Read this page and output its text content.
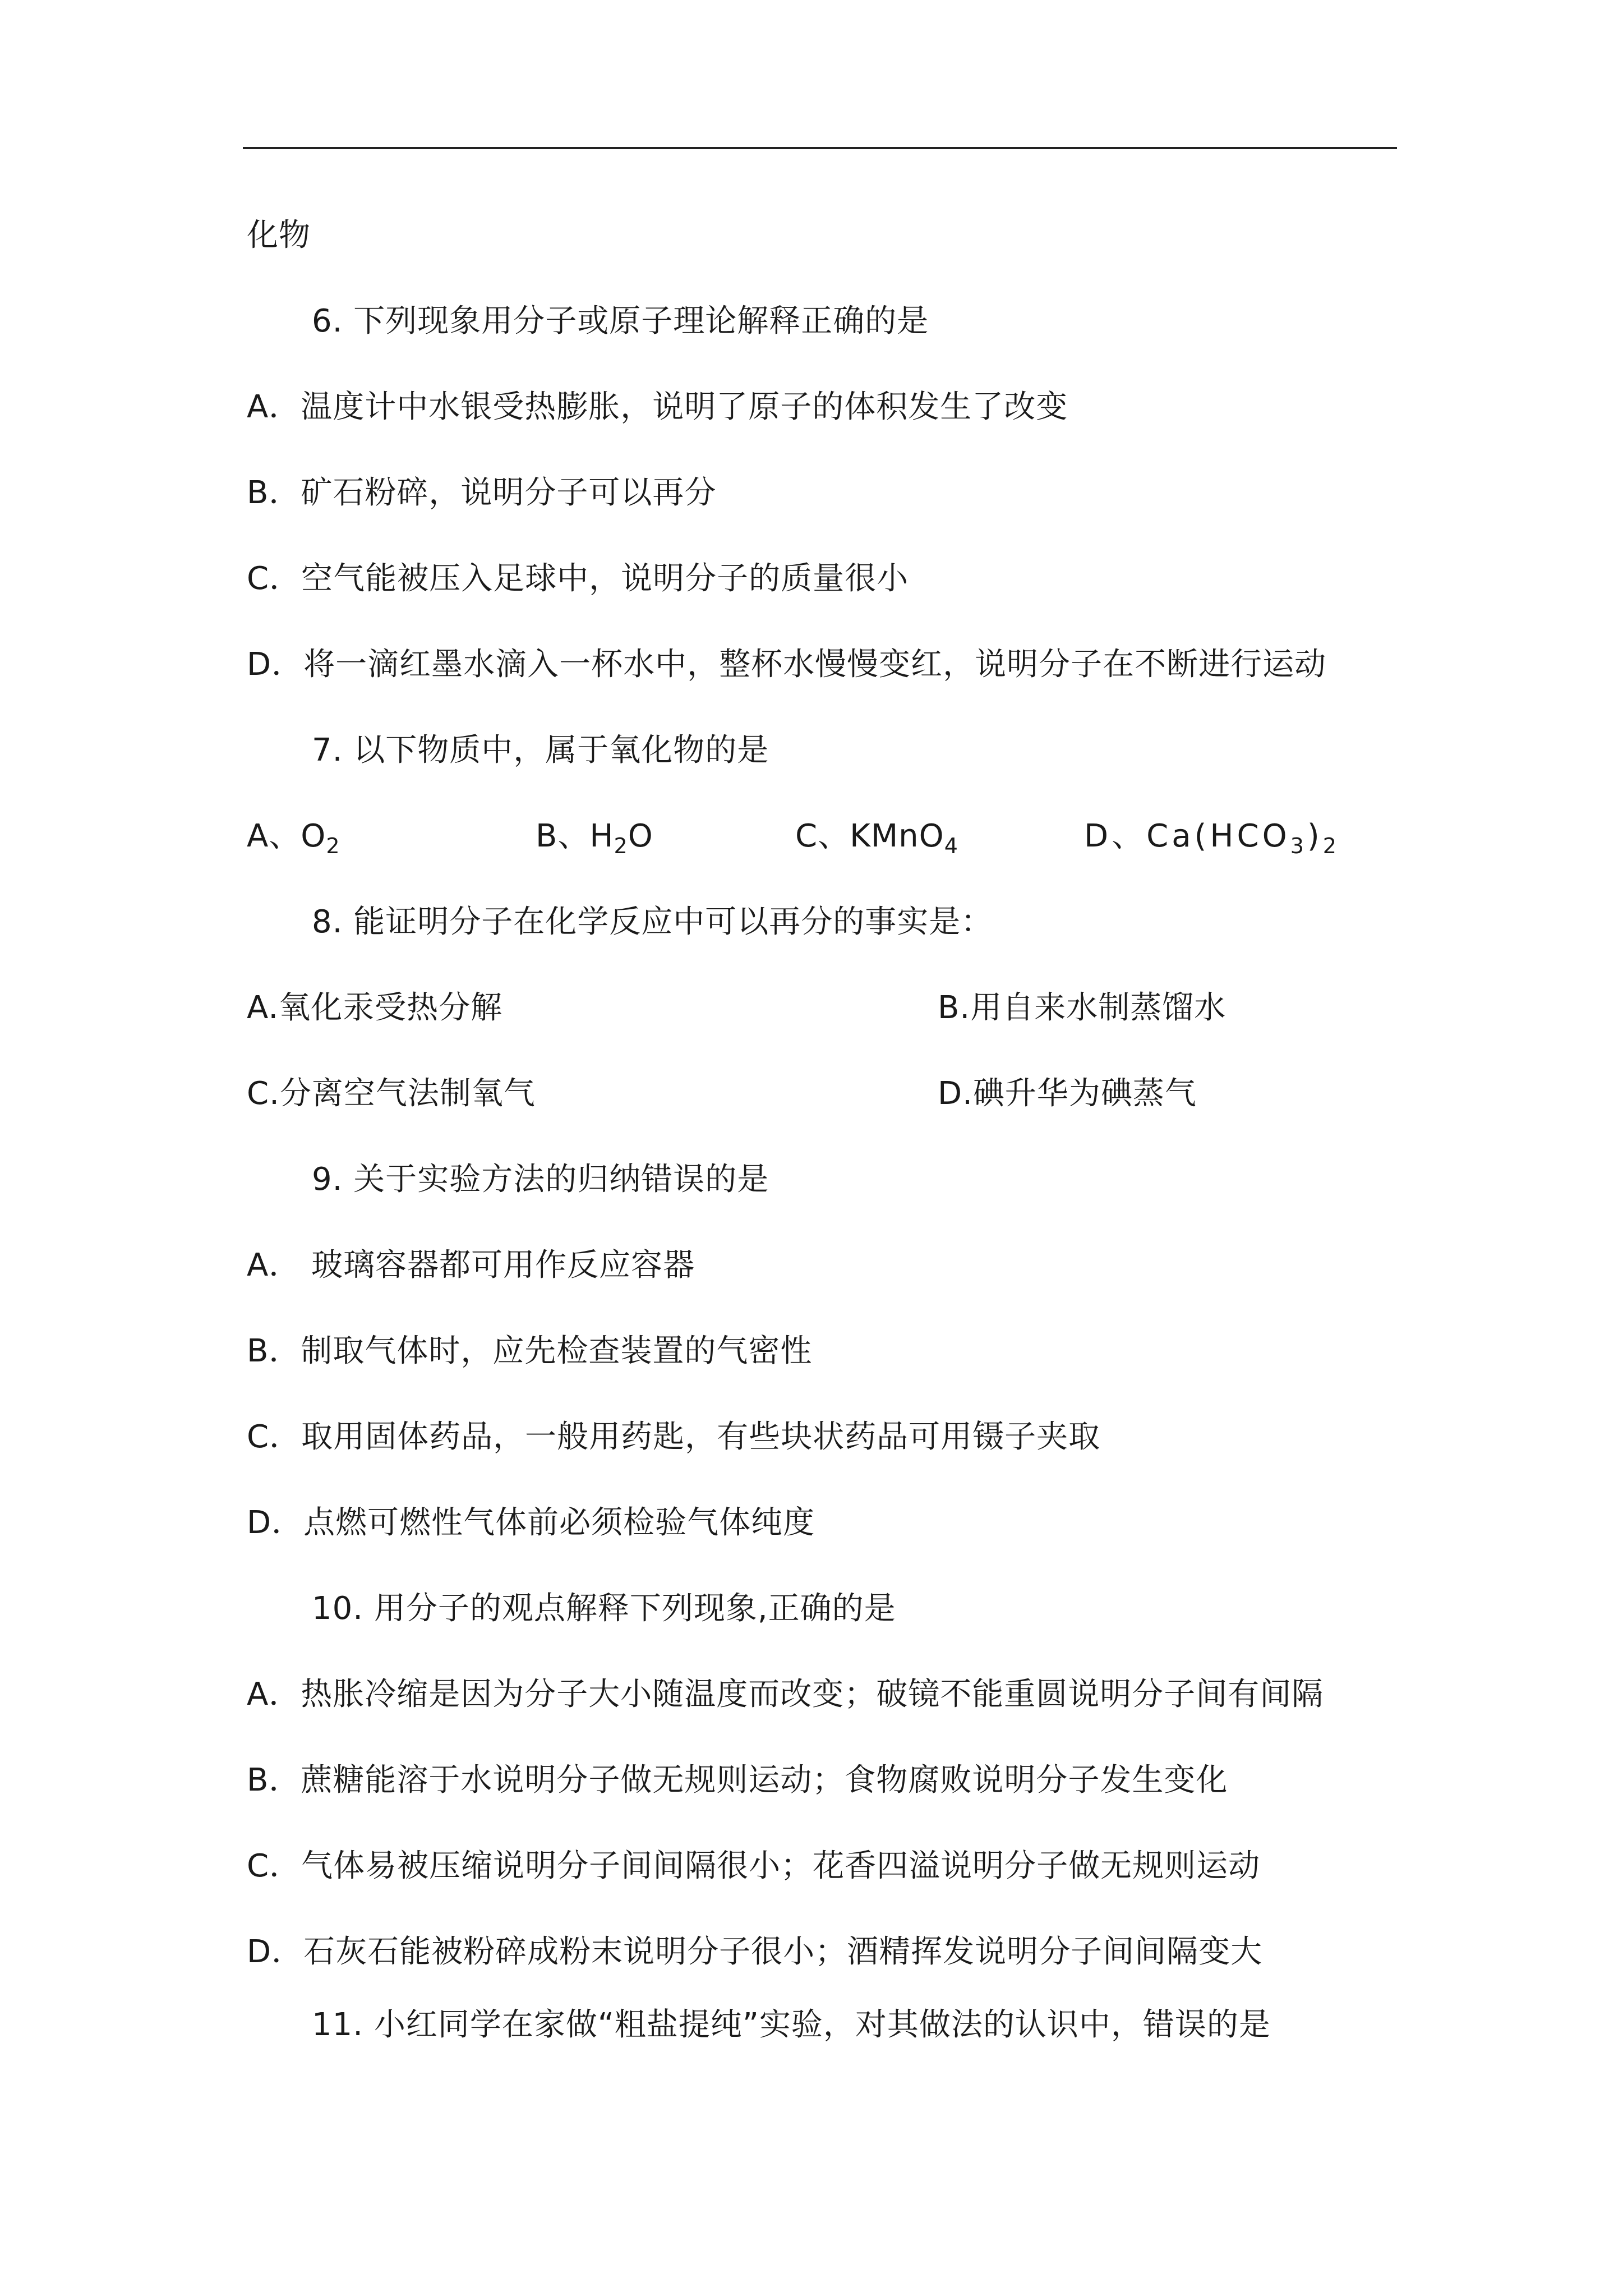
化物
6. 下列现象用分子或原子理论解释正确的是
A．温度计中水银受热膨胀，说明了原子的体积发生了改变
B．矿石粉碎，说明分子可以再分
C．空气能被压入足球中，说明分子的质量很小
D．将一滴红墨水滴入一杯水中，整杯水慢慢变红，说明分子在不断进行运动
7. 以下物质中，属于氧化物的是
A、$O_2$	B、$H_2O$	C、KMnO$_4$	D、$Ca(HCO_3)_2$
8. 能证明分子在化学反应中可以再分的事实是：
A.氧化汞受热分解	B.用自来水制蒸馏水
C.分离空气法制氧气	D.碘升华为碘蒸气
9. 关于实验方法的归纳错误的是
A． 玻璃容器都可用作反应容器
B．制取气体时，应先检查装置的气密性
C．取用固体药品，一般用药匙，有些块状药品可用镊子夹取
D．点燃可燃性气体前必须检验气体纯度
10. 用分子的观点解释下列现象,正确的是
A．热胀冷缩是因为分子大小随温度而改变；破镜不能重圆说明分子间有间隔
B．蔗糖能溶于水说明分子做无规则运动；食物腐败说明分子发生变化
C．气体易被压缩说明分子间间隔很小；花香四溢说明分子做无规则运动
D．石灰石能被粉碎成粉末说明分子很小；酒精挥发说明分子间间隔变大
11. 小红同学在家做“粗盐提纯”实验，对其做法的认识中，错误的是
